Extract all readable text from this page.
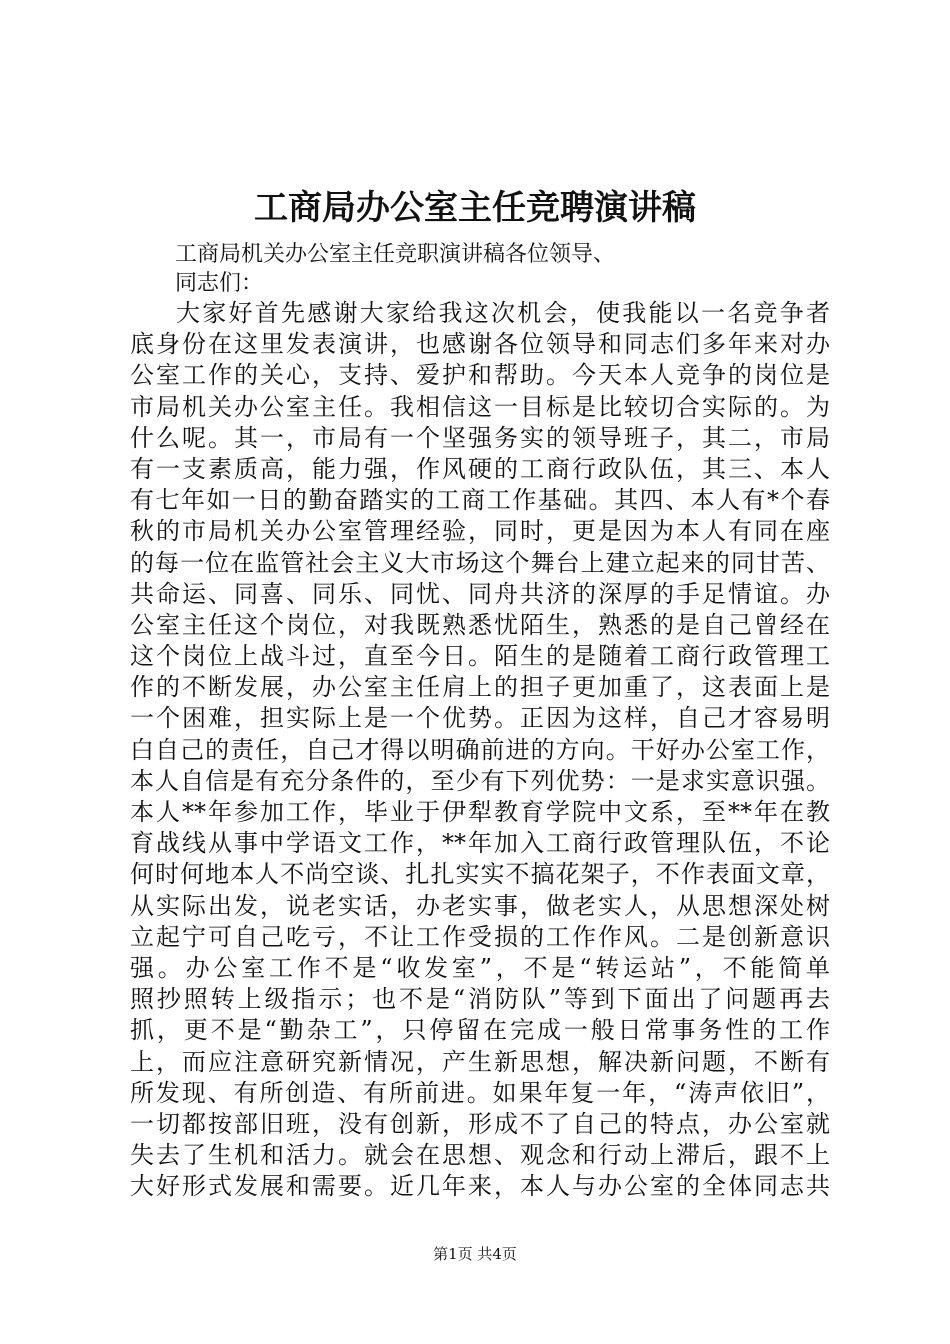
工商局办公室主任竞聘演讲稿

工商局机关办公室主任竞职演讲稿各位领导、

同志们：

大家好首先感谢大家给我这次机会，使我能以一名竞争者
底身份在这里发表演讲，也感谢各位领导和同志们多年来对办
公室工作的关心，支持、爱护和帮助。今天本人竞争的岗位是
市局机关办公室主任。我相信这一目标是比较切合实际的。为
什么呢。其一，市局有一个坚强务实的领导班子，其二，市局
有一支素质高，能力强，作风硬的工商行政队伍，其三、本人
有七年如一日的勤奋踏实的工商工作基础。其四、本人有*个春
秋的市局机关办公室管理经验，同时，更是因为本人有同在座
的每一位在监管社会主义大市场这个舞台上建立起来的同甘苦、
共命运、同喜、同乐、同忧、同舟共济的深厚的手足情谊。办
公室主任这个岗位，对我既熟悉忧陌生，熟悉的是自己曾经在
这个岗位上战斗过，直至今日。陌生的是随着工商行政管理工
作的不断发展，办公室主任肩上的担子更加重了，这表面上是
一个困难，担实际上是一个优势。正因为这样，自己才容易明
白自己的责任，自己才得以明确前进的方向。干好办公室工作，
本人自信是有充分条件的，至少有下列优势：一是求实意识强。
本人**年参加工作，毕业于伊犁教育学院中文系，至**年在教
育战线从事中学语文工作，**年加入工商行政管理队伍，不论
何时何地本人不尚空谈、扎扎实实不搞花架子，不作表面文章，
从实际出发，说老实话，办老实事，做老实人，从思想深处树
立起宁可自己吃亏，不让工作受损的工作作风。二是创新意识
强。办公室工作不是“收发室”，不是“转运站”，不能简单
照抄照转上级指示；也不是“消防队”等到下面出了问题再去
抓，更不是“勤杂工”，只停留在完成一般日常事务性的工作
上，而应注意研究新情况，产生新思想，解决新问题，不断有
所发现、有所创造、有所前进。如果年复一年，“涛声依旧”，
一切都按部旧班，没有创新，形成不了自己的特点，办公室就
失去了生机和活力。就会在思想、观念和行动上滞后，跟不上
大好形式发展和需要。近几年来，本人与办公室的全体同志共
第1页 共4页
